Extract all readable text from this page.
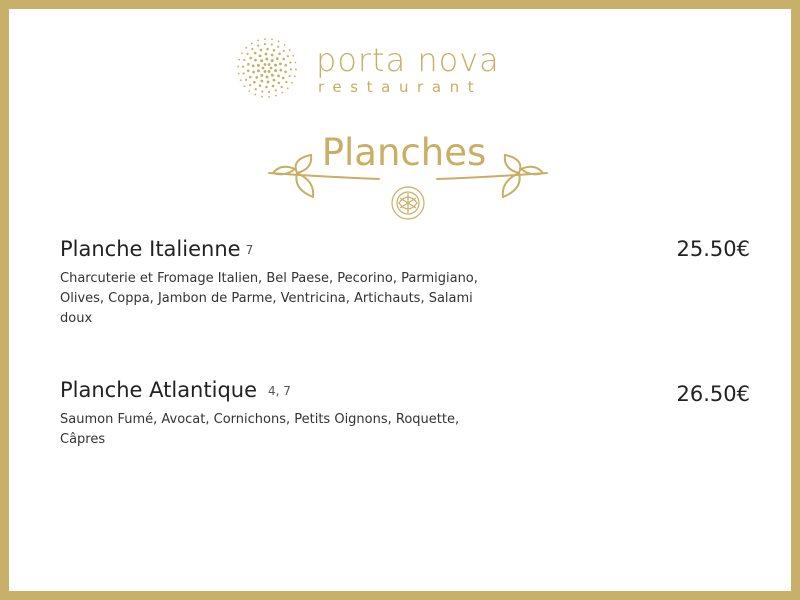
porta nova
restaurant
Planches
Planche Italienne 7	25.50€
Charcuterie et Fromage Italien, Bel Paese, Pecorino, Parmigiano, Olives, Coppa, Jambon de Parme, Ventricina, Artichauts, Salami doux
Planche Atlantique 4, 7	26.50€
Saumon Fumé, Avocat, Cornichons, Petits Oignons, Roquette, Câpres
